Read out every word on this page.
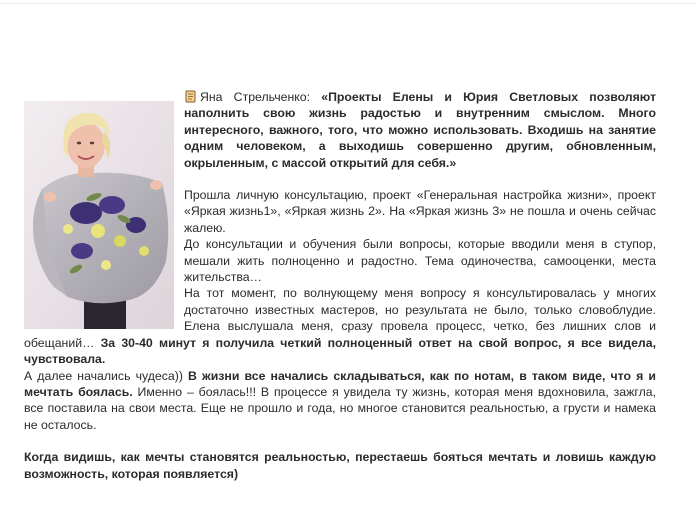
Яна Стрельченко: «Проекты Елены и Юрия Светловых позволяют наполнить свою жизнь радостью и внутренним смыслом. Много интересного, важного, того, что можно использовать. Входишь на занятие одним человеком, а выходишь совершенно другим, обновленным, окрыленным, с массой открытий для себя.»

Прошла личную консультацию, проект «Генеральная настройка жизни», проект «Яркая жизнь1», «Яркая жизнь 2». На «Яркая жизнь 3» не пошла и очень сейчас жалею.

До консультации и обучения были вопросы, которые вводили меня в ступор, мешали жить полноценно и радостно. Тема одиночества, самооценки, места жительства…

На тот момент, по волнующему меня вопросу я консультировалась у многих достаточно известных мастеров, но результата не было, только словоблудие. Елена выслушала меня, сразу провела процесс, четко, без лишних слов и обещаний… За 30-40 минут я получила четкий полноценный ответ на свой вопрос, я все видела, чувствовала.

А далее начались чудеса)) В жизни все начались складываться, как по нотам, в таком виде, что я и мечтать боялась. Именно – боялась!!! В процессе я увидела ту жизнь, которая меня вдохновила, зажгла, все поставила на свои места. Еще не прошло и года, но многое становится реальностью, а грусти и намека не осталось.

Когда видишь, как мечты становятся реальностью, перестаешь бояться мечтать и ловишь каждую возможность, которая появляется)
